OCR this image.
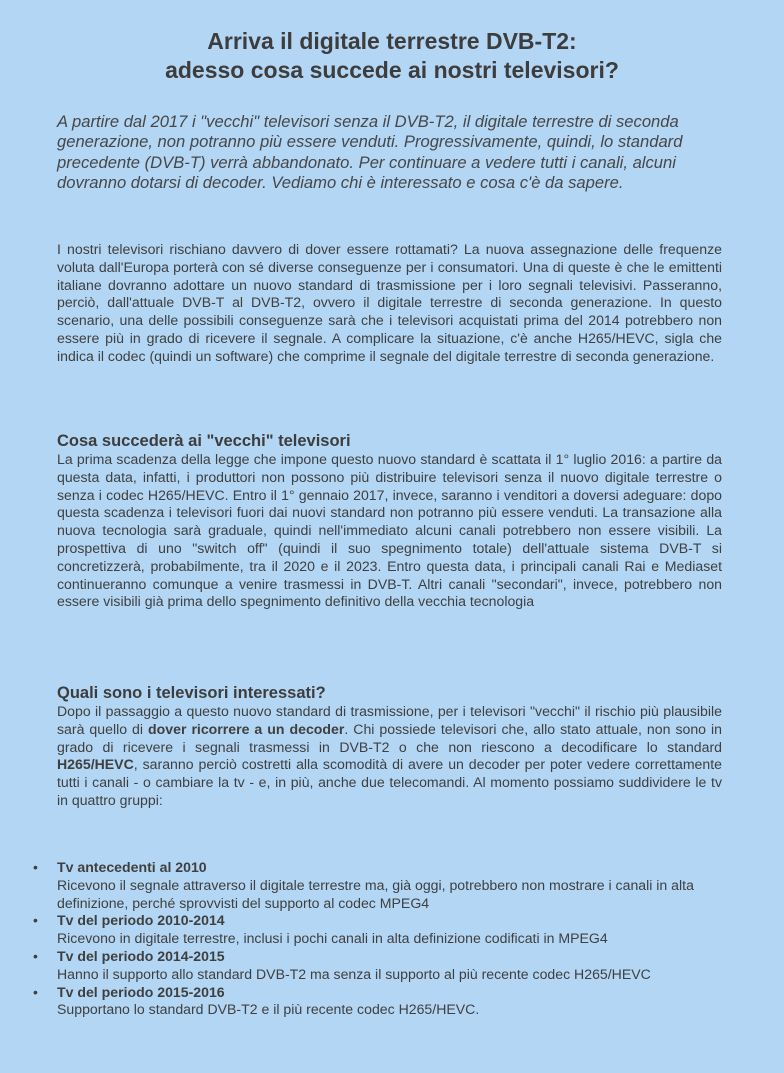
Arriva il digitale terrestre DVB-T2:
adesso cosa succede ai nostri televisori?

A partire dal 2017 i "vecchi" televisori senza il DVB-T2, il digitale terrestre di seconda generazione, non potranno più essere venduti. Progressivamente, quindi, lo standard precedente (DVB-T) verrà abbandonato. Per continuare a vedere tutti i canali, alcuni dovranno dotarsi di decoder. Vediamo chi è interessato e cosa c'è da sapere.

I nostri televisori rischiano davvero di dover essere rottamati? La nuova assegnazione delle frequenze voluta dall'Europa porterà con sé diverse conseguenze per i consumatori. Una di queste è che le emittenti italiane dovranno adottare un nuovo standard di trasmissione per i loro segnali televisivi. Passeranno, perciò, dall'attuale DVB-T al DVB-T2, ovvero il digitale terrestre di seconda generazione. In questo scenario, una delle possibili conseguenze sarà che i televisori acquistati prima del 2014 potrebbero non essere più in grado di ricevere il segnale. A complicare la situazione, c'è anche H265/HEVC, sigla che indica il codec (quindi un software) che comprime il segnale del digitale terrestre di seconda generazione.

Cosa succederà ai "vecchi" televisori

La prima scadenza della legge che impone questo nuovo standard è scattata il 1° luglio 2016: a partire da questa data, infatti, i produttori non possono più distribuire televisori senza il nuovo digitale terrestre o senza i codec H265/HEVC. Entro il 1° gennaio 2017, invece, saranno i venditori a doversi adeguare: dopo questa scadenza i televisori fuori dai nuovi standard non potranno più essere venduti. La transazione alla nuova tecnologia sarà graduale, quindi nell'immediato alcuni canali potrebbero non essere visibili. La prospettiva di uno "switch off" (quindi il suo spegnimento totale) dell'attuale sistema DVB-T si concretizzerà, probabilmente, tra il 2020 e il 2023. Entro questa data, i principali canali Rai e Mediaset continueranno comunque a venire trasmessi in DVB-T. Altri canali "secondari", invece, potrebbero non essere visibili già prima dello spegnimento definitivo della vecchia tecnologia

Quali sono i televisori interessati?

Dopo il passaggio a questo nuovo standard di trasmissione, per i televisori "vecchi" il rischio più plausibile sarà quello di dover ricorrere a un decoder. Chi possiede televisori che, allo stato attuale, non sono in grado di ricevere i segnali trasmessi in DVB-T2 o che non riescono a decodificare lo standard H265/HEVC, saranno perciò costretti alla scomodità di avere un decoder per poter vedere correttamente tutti i canali - o cambiare la tv - e, in più, anche due telecomandi. Al momento possiamo suddividere le tv in quattro gruppi:

• Tv antecedenti al 2010
Ricevono il segnale attraverso il digitale terrestre ma, già oggi, potrebbero non mostrare i canali in alta definizione, perché sprovvisti del supporto al codec MPEG4
• Tv del periodo 2010-2014
Ricevono in digitale terrestre, inclusi i pochi canali in alta definizione codificati in MPEG4
• Tv del periodo 2014-2015
Hanno il supporto allo standard DVB-T2 ma senza il supporto al più recente codec H265/HEVC
• Tv del periodo 2015-2016
Supportano lo standard DVB-T2 e il più recente codec H265/HEVC.
